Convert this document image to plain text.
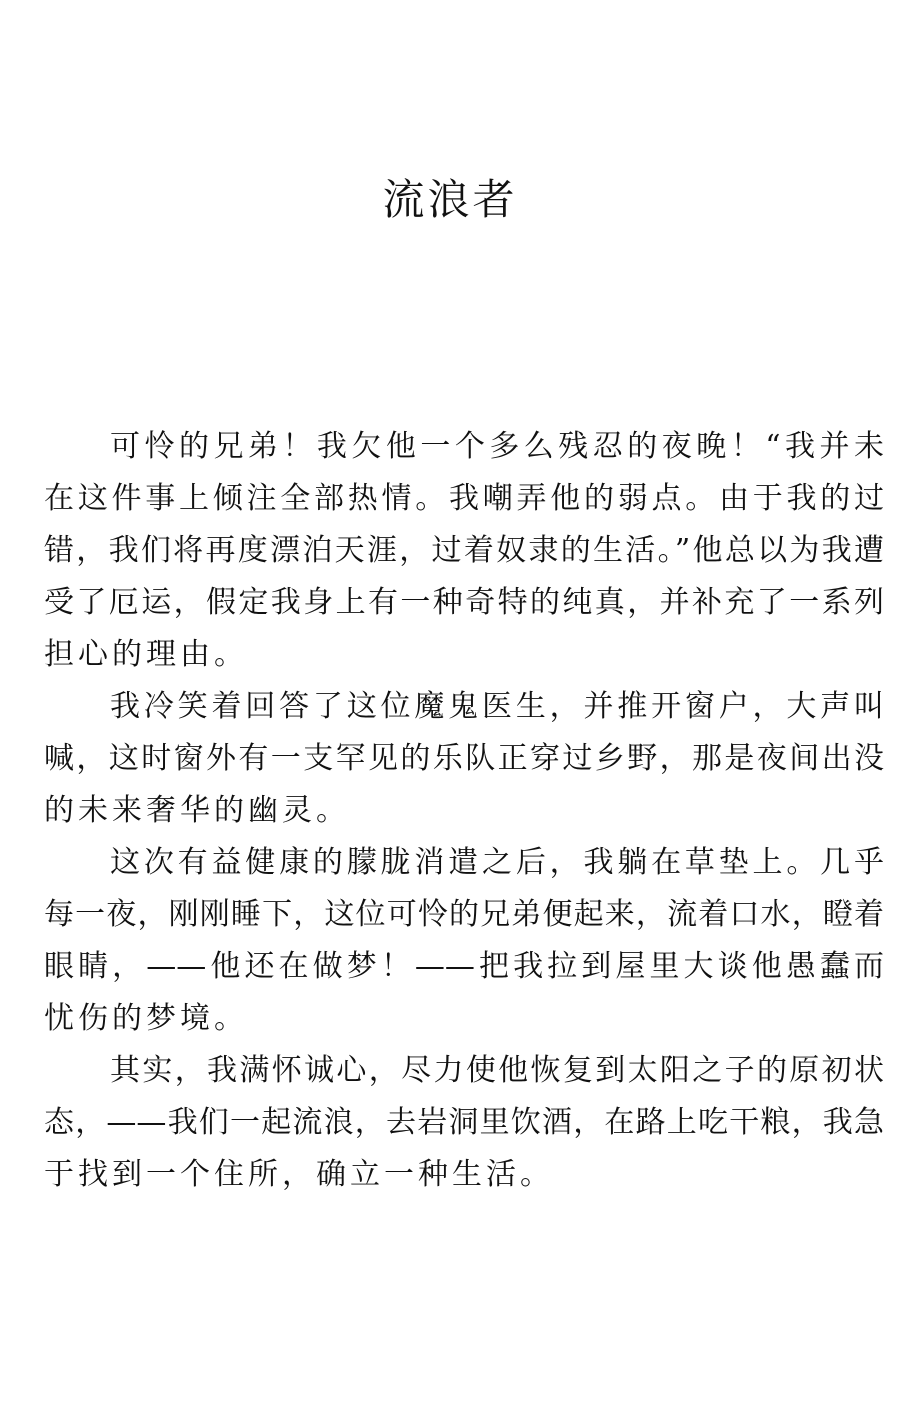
流浪者

可怜的兄弟！我欠他一个多么残忍的夜晚！“我并未

在这件事上倾注全部热情。我嘲弄他的弱点。由于我的过

错，我们将再度漂泊天涯，过着奴隶的生活。”他总以为我遭

受了厄运，假定我身上有一种奇特的纯真，并补充了一系列

担心的理由。

我冷笑着回答了这位魔鬼医生，并推开窗户，大声叫

喊，这时窗外有一支罕见的乐队正穿过乡野，那是夜间出没

的未来奢华的幽灵。

这次有益健康的朦胧消遣之后，我躺在草垫上。几乎

每一夜，刚刚睡下，这位可怜的兄弟便起来，流着口水，瞪着

眼睛，——他还在做梦！——把我拉到屋里大谈他愚蠢而

忧伤的梦境。

其实，我满怀诚心，尽力使他恢复到太阳之子的原初状

态，——我们一起流浪，去岩洞里饮酒，在路上吃干粮，我急

于找到一个住所，确立一种生活。
